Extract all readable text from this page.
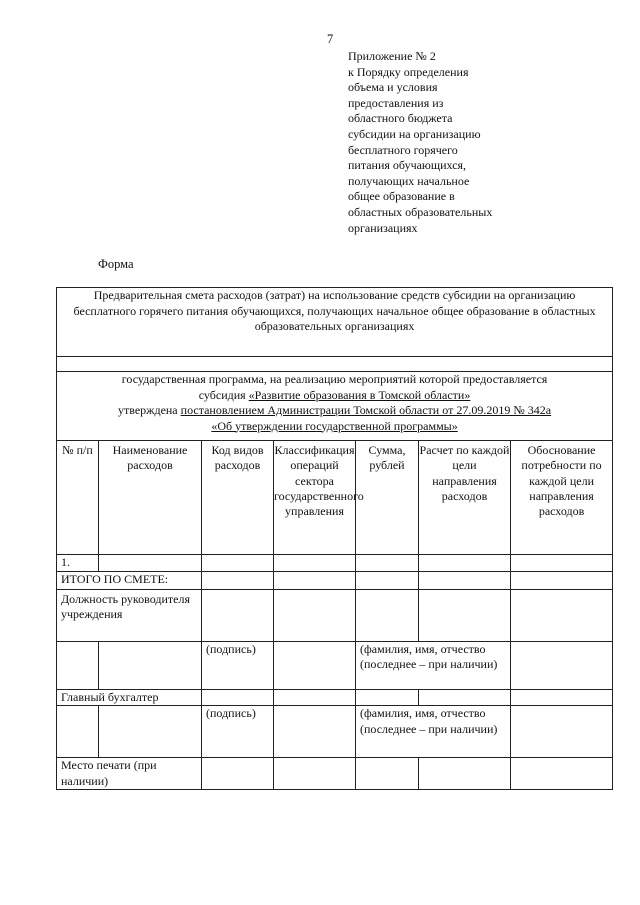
7
Приложение № 2
к Порядку определения
объема и условия
предоставления из
областного бюджета
субсидии на организацию
бесплатного горячего
питания обучающихся,
получающих начальное
общее образование в
областных образовательных
организациях
Форма
Предварительная смета расходов (затрат) на использование средств субсидии на организацию бесплатного горячего питания обучающихся, получающих начальное общее образование в областных образовательных организациях						

государственная программа, на реализацию мероприятий которой предоставляется
субсидия «Развитие образования в Томской области»
утверждена постановлением Администрации Томской области от 27.09.2019 № 342а
«Об утверждении государственной программы»						

№ п/п	Наименование расходов	Код видов расходов	Классификация операций сектора государственного управления	Сумма, рублей	Расчет по каждой цели направления расходов	Обоснование потребности по каждой цели направления расходов
1.						
ИТОГО ПО СМЕТЕ:						
Должность руководителя учреждения						
		(подпись)		(фамилия, имя, отчество (последнее – при наличии)		
Главный бухгалтер						
		(подпись)		(фамилия, имя, отчество (последнее – при наличии)		
Место печати (при наличии)						
